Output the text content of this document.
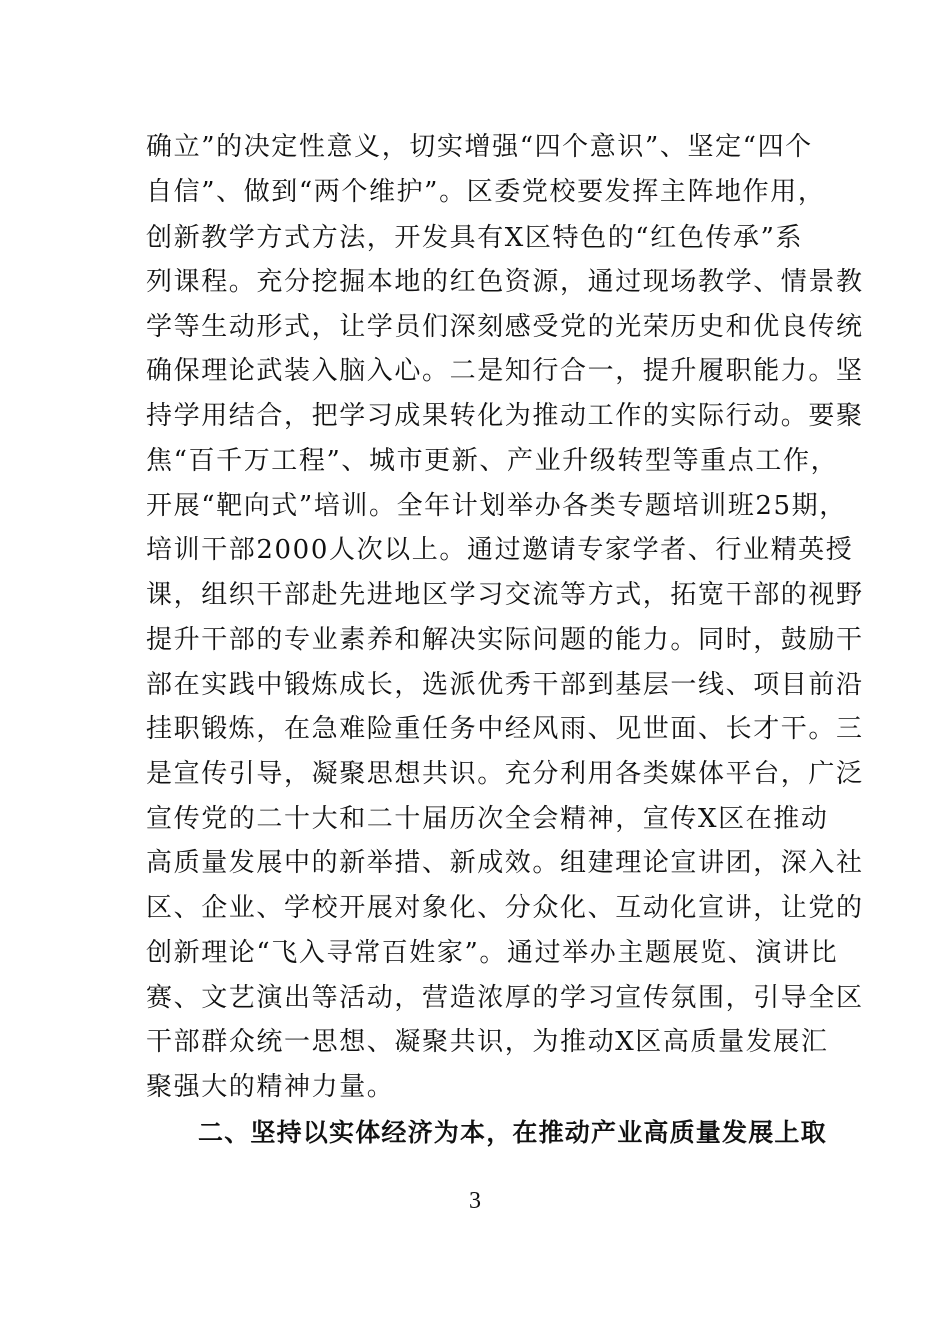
确立”的决定性意义，切实增强“四个意识”、坚定“四个
自信”、做到“两个维护”。区委党校要发挥主阵地作用，
创新教学方式方法，开发具有X区特色的“红色传承”系
列课程。充分挖掘本地的红色资源，通过现场教学、情景教
学等生动形式，让学员们深刻感受党的光荣历史和优良传统
确保理论武装入脑入心。二是知行合一，提升履职能力。坚
持学用结合，把学习成果转化为推动工作的实际行动。要聚
焦“百千万工程”、城市更新、产业升级转型等重点工作，
开展“靶向式”培训。全年计划举办各类专题培训班25期，
培训干部2000人次以上。通过邀请专家学者、行业精英授
课，组织干部赴先进地区学习交流等方式，拓宽干部的视野
提升干部的专业素养和解决实际问题的能力。同时，鼓励干
部在实践中锻炼成长，选派优秀干部到基层一线、项目前沿
挂职锻炼，在急难险重任务中经风雨、见世面、长才干。三
是宣传引导，凝聚思想共识。充分利用各类媒体平台，广泛
宣传党的二十大和二十届历次全会精神，宣传X区在推动
高质量发展中的新举措、新成效。组建理论宣讲团，深入社
区、企业、学校开展对象化、分众化、互动化宣讲，让党的
创新理论“飞入寻常百姓家”。通过举办主题展览、演讲比
赛、文艺演出等活动，营造浓厚的学习宣传氛围，引导全区
干部群众统一思想、凝聚共识，为推动X区高质量发展汇
聚强大的精神力量。
二、坚持以实体经济为本，在推动产业高质量发展上取
3
